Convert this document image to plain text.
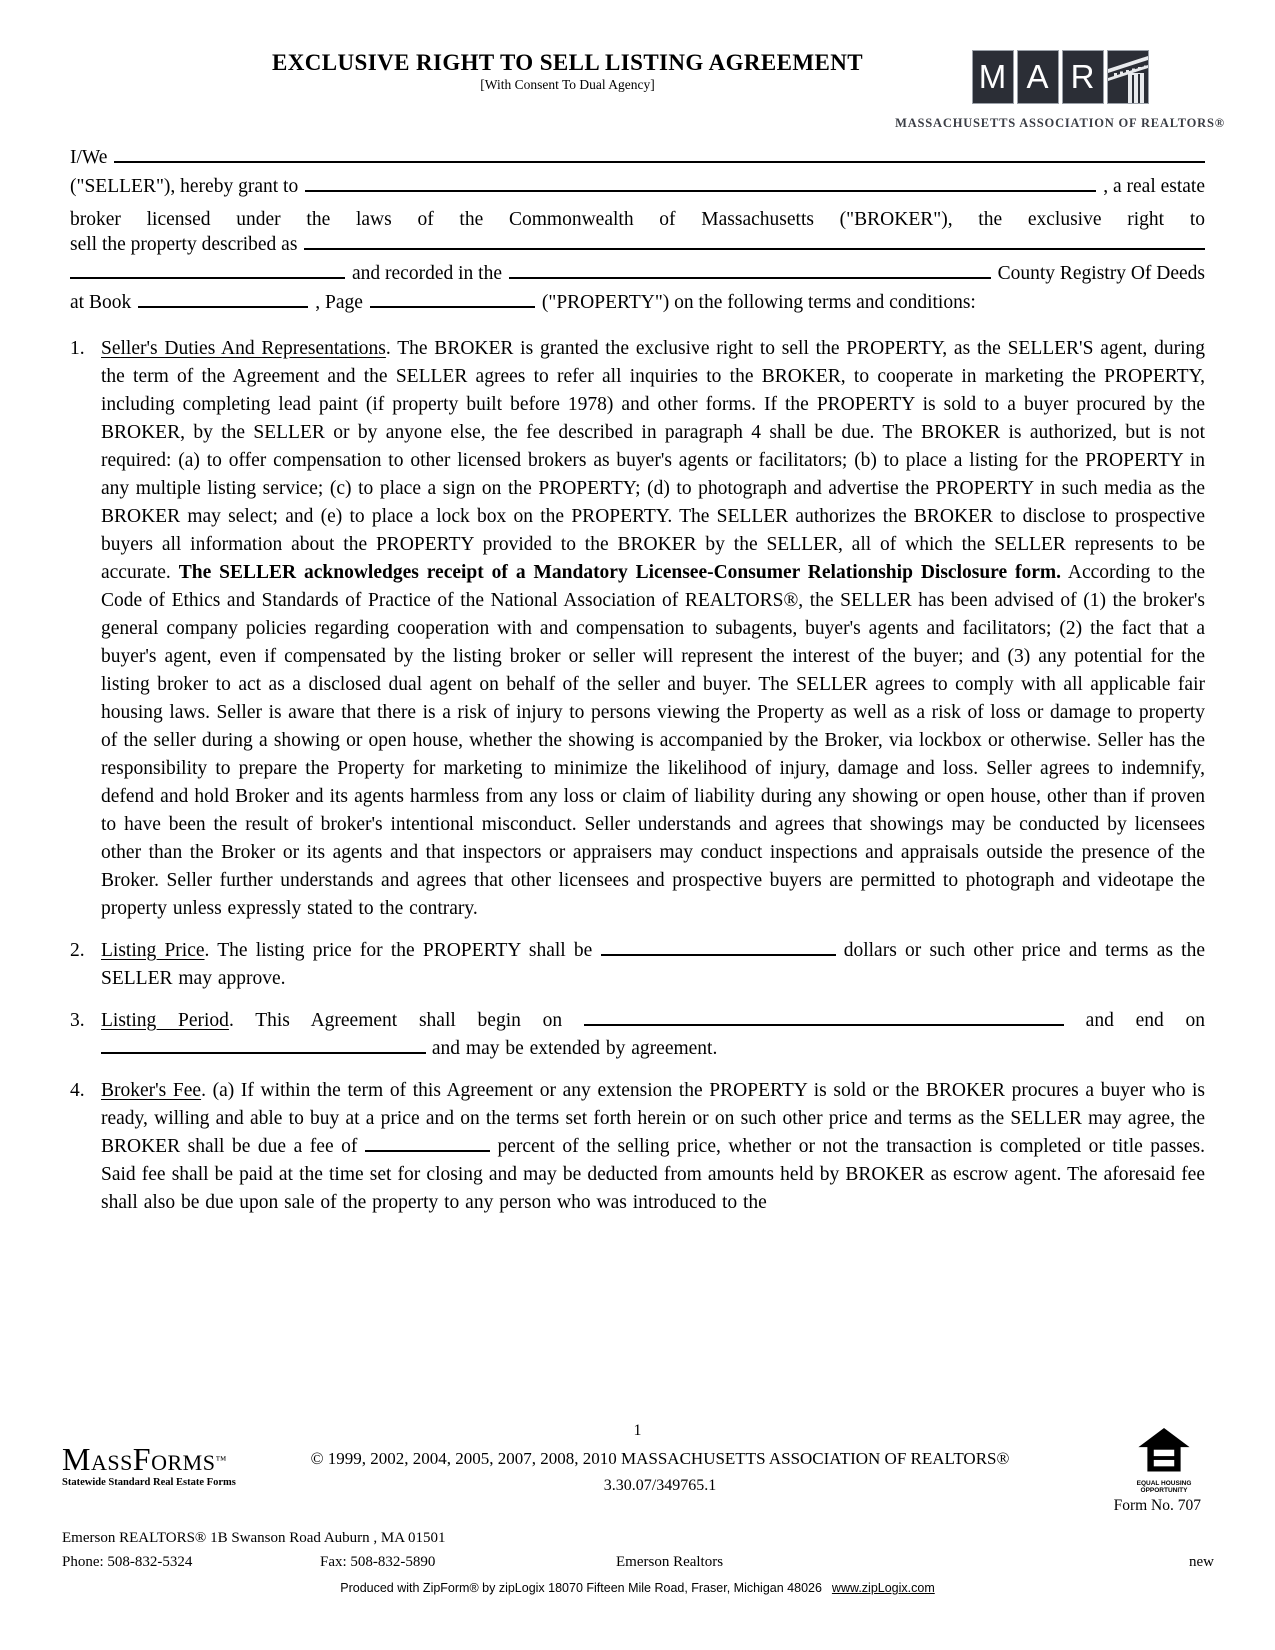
EXCLUSIVE RIGHT TO SELL LISTING AGREEMENT
[With Consent To Dual Agency]	M A R
MASSACHUSETTS ASSOCIATION OF REALTORS®
I/We
("SELLER"), hereby grant to	, a real estate
broker licensed under the laws of the Commonwealth of Massachusetts ("BROKER"), the exclusive right to
sell the property described as
and recorded in the	County Registry Of Deeds
at Book	, Page	("PROPERTY") on the following terms and conditions:
1. Seller's Duties And Representations. The BROKER is granted the exclusive right to sell the PROPERTY, as the SELLER'S agent, during the term of the Agreement and the SELLER agrees to refer all inquiries to the BROKER, to cooperate in marketing the PROPERTY, including completing lead paint (if property built before 1978) and other forms. If the PROPERTY is sold to a buyer procured by the BROKER, by the SELLER or by anyone else, the fee described in paragraph 4 shall be due. The BROKER is authorized, but is not required: (a) to offer compensation to other licensed brokers as buyer's agents or facilitators; (b) to place a listing for the PROPERTY in any multiple listing service; (c) to place a sign on the PROPERTY; (d) to photograph and advertise the PROPERTY in such media as the BROKER may select; and (e) to place a lock box on the PROPERTY. The SELLER authorizes the BROKER to disclose to prospective buyers all information about the PROPERTY provided to the BROKER by the SELLER, all of which the SELLER represents to be accurate. The SELLER acknowledges receipt of a Mandatory Licensee-Consumer Relationship Disclosure form. According to the Code of Ethics and Standards of Practice of the National Association of REALTORS®, the SELLER has been advised of (1) the broker's general company policies regarding cooperation with and compensation to subagents, buyer's agents and facilitators; (2) the fact that a buyer's agent, even if compensated by the listing broker or seller will represent the interest of the buyer; and (3) any potential for the listing broker to act as a disclosed dual agent on behalf of the seller and buyer. The SELLER agrees to comply with all applicable fair housing laws. Seller is aware that there is a risk of injury to persons viewing the Property as well as a risk of loss or damage to property of the seller during a showing or open house, whether the showing is accompanied by the Broker, via lockbox or otherwise. Seller has the responsibility to prepare the Property for marketing to minimize the likelihood of injury, damage and loss. Seller agrees to indemnify, defend and hold Broker and its agents harmless from any loss or claim of liability during any showing or open house, other than if proven to have been the result of broker's intentional misconduct. Seller understands and agrees that showings may be conducted by licensees other than the Broker or its agents and that inspectors or appraisers may conduct inspections and appraisals outside the presence of the Broker. Seller further understands and agrees that other licensees and prospective buyers are permitted to photograph and videotape the property unless expressly stated to the contrary.
2. Listing Price. The listing price for the PROPERTY shall be	dollars or such other price and terms as the SELLER may approve.
3. Listing Period. This Agreement shall begin on	and end on  and may be extended by agreement.
4. Broker's Fee. (a) If within the term of this Agreement or any extension the PROPERTY is sold or the BROKER procures a buyer who is ready, willing and able to buy at a price and on the terms set forth herein or on such other price and terms as the SELLER may agree, the BROKER shall be due a fee of	percent of the selling price, whether or not the transaction is completed or title passes. Said fee shall be paid at the time set for closing and may be deducted from amounts held by BROKER as escrow agent. The aforesaid fee shall also be due upon sale of the property to any person who was introduced to the
1
MassForms™
Statewide Standard Real Estate Forms
© 1999, 2002, 2004, 2005, 2007, 2008, 2010 MASSACHUSETTS ASSOCIATION OF REALTORS®
3.30.07/349765.1	EQUAL HOUSING OPPORTUNITY
Form No. 707
Emerson REALTORS® 1B Swanson Road Auburn , MA 01501
Phone: 508-832-5324	Fax: 508-832-5890	Emerson Realtors	new
Produced with ZipForm® by zipLogix 18070 Fifteen Mile Road, Fraser, Michigan 48026 www.zipLogix.com
